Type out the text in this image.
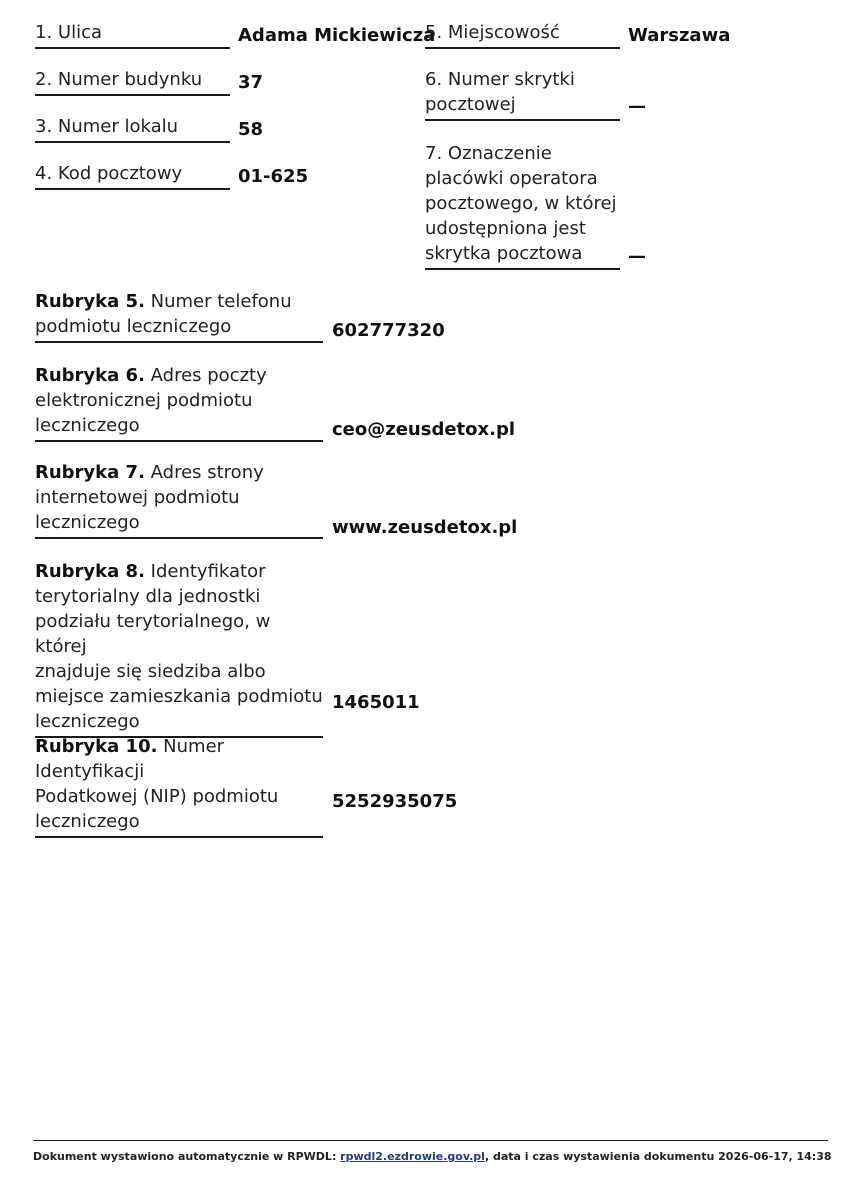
1. Ulica	Adama Mickiewicza
2. Numer budynku	37
3. Numer lokalu	58
4. Kod pocztowy	01-625
5. Miejscowość	Warszawa
6. Numer skrytki
pocztowej	—
7. Oznaczenie
placówki operatora
pocztowego, w której
udostępniona jest
skrytka pocztowa	—
Rubryka 5. Numer telefonu
podmiotu leczniczego	602777320
Rubryka 6. Adres poczty
elektronicznej podmiotu
leczniczego	ceo@zeusdetox.pl
Rubryka 7. Adres strony
internetowej podmiotu
leczniczego	www.zeusdetox.pl
Rubryka 8. Identyfikator
terytorialny dla jednostki
podziału terytorialnego, w której
znajduje się siedziba albo
miejsce zamieszkania podmiotu
leczniczego
1465011
Rubryka 10. Numer Identyfikacji
Podatkowej (NIP) podmiotu
leczniczego
5252935075
Dokument wystawiono automatycznie w RPWDL: rpwdl2.ezdrowie.gov.pl, data i czas wystawienia dokumentu 2026-06-17, 14:38
